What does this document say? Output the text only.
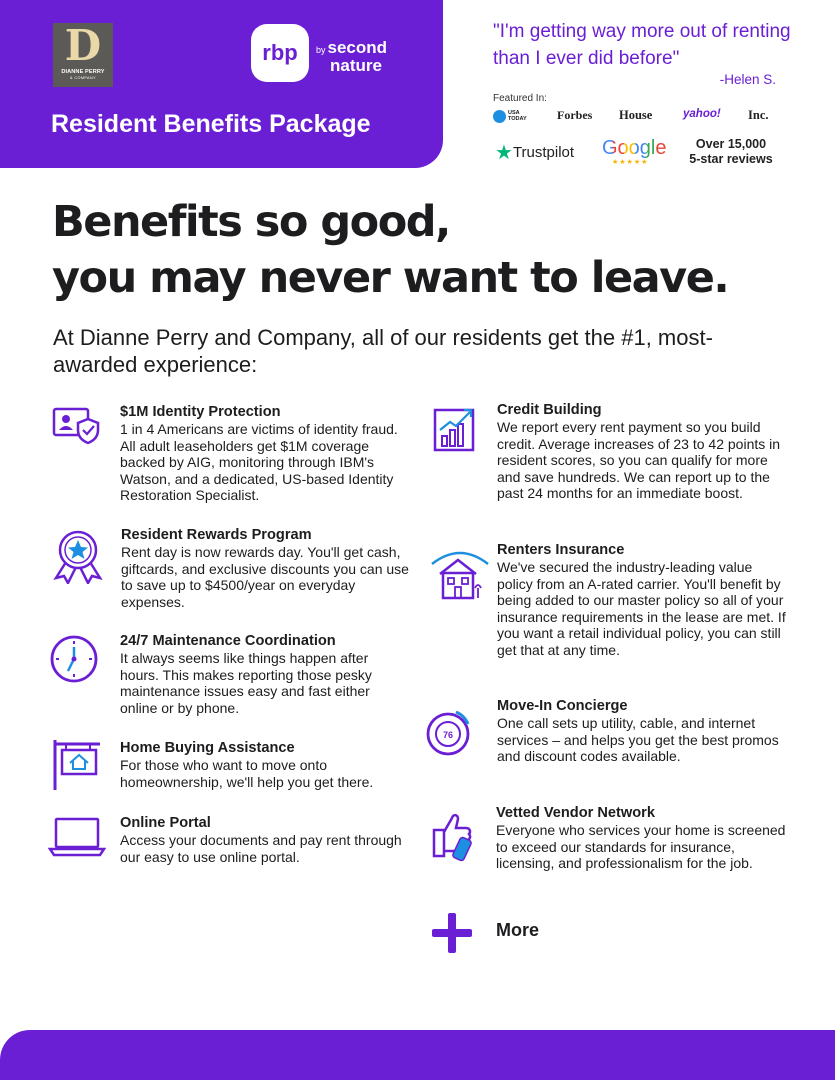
D
DIANNE PERRY
& COMPANY
rbp by second
nature
Resident Benefits Package
"I'm getting way more out of renting than I ever did before"
-Helen S.
Featured In:
USA
TODAY	Forbes House	yahoo! Inc.
★Trustpilot Google
★★★★★
Over 15,000
5-star reviews
Benefits so good,
you may never want to leave.
At Dianne Perry and Company, all of our residents get the #1, most-awarded experience:
$1M Identity Protection

1 in 4 Americans are victims of identity fraud. All adult leaseholders get $1M coverage backed by AIG, monitoring through IBM's Watson, and a dedicated, US-based Identity Restoration Specialist.

Resident Rewards Program

Rent day is now rewards day. You'll get cash, giftcards, and exclusive discounts you can use to save up to $4500/year on everyday expenses.

24/7 Maintenance Coordination

It always seems like things happen after hours. This makes reporting those pesky maintenance issues easy and fast either online or by phone.

Home Buying Assistance

For those who want to move onto homeownership, we'll help you get there.

Online Portal

Access your documents and pay rent through our easy to use online portal.

76
Credit Building

We report every rent payment so you build credit. Average increases of 23 to 42 points in resident scores, so you can qualify for more and save hundreds. We can report up to the past 24 months for an immediate boost.

Renters Insurance

We've secured the industry-leading value policy from an A-rated carrier. You'll benefit by being added to our master policy so all of your insurance requirements in the lease are met. If you want a retail individual policy, you can still get that at any time.

Move-In Concierge

One call sets up utility, cable, and internet services – and helps you get the best promos and discount codes available.

Vetted Vendor Network

Everyone who services your home is screened to exceed our standards for insurance, licensing, and professionalism for the job.

More
